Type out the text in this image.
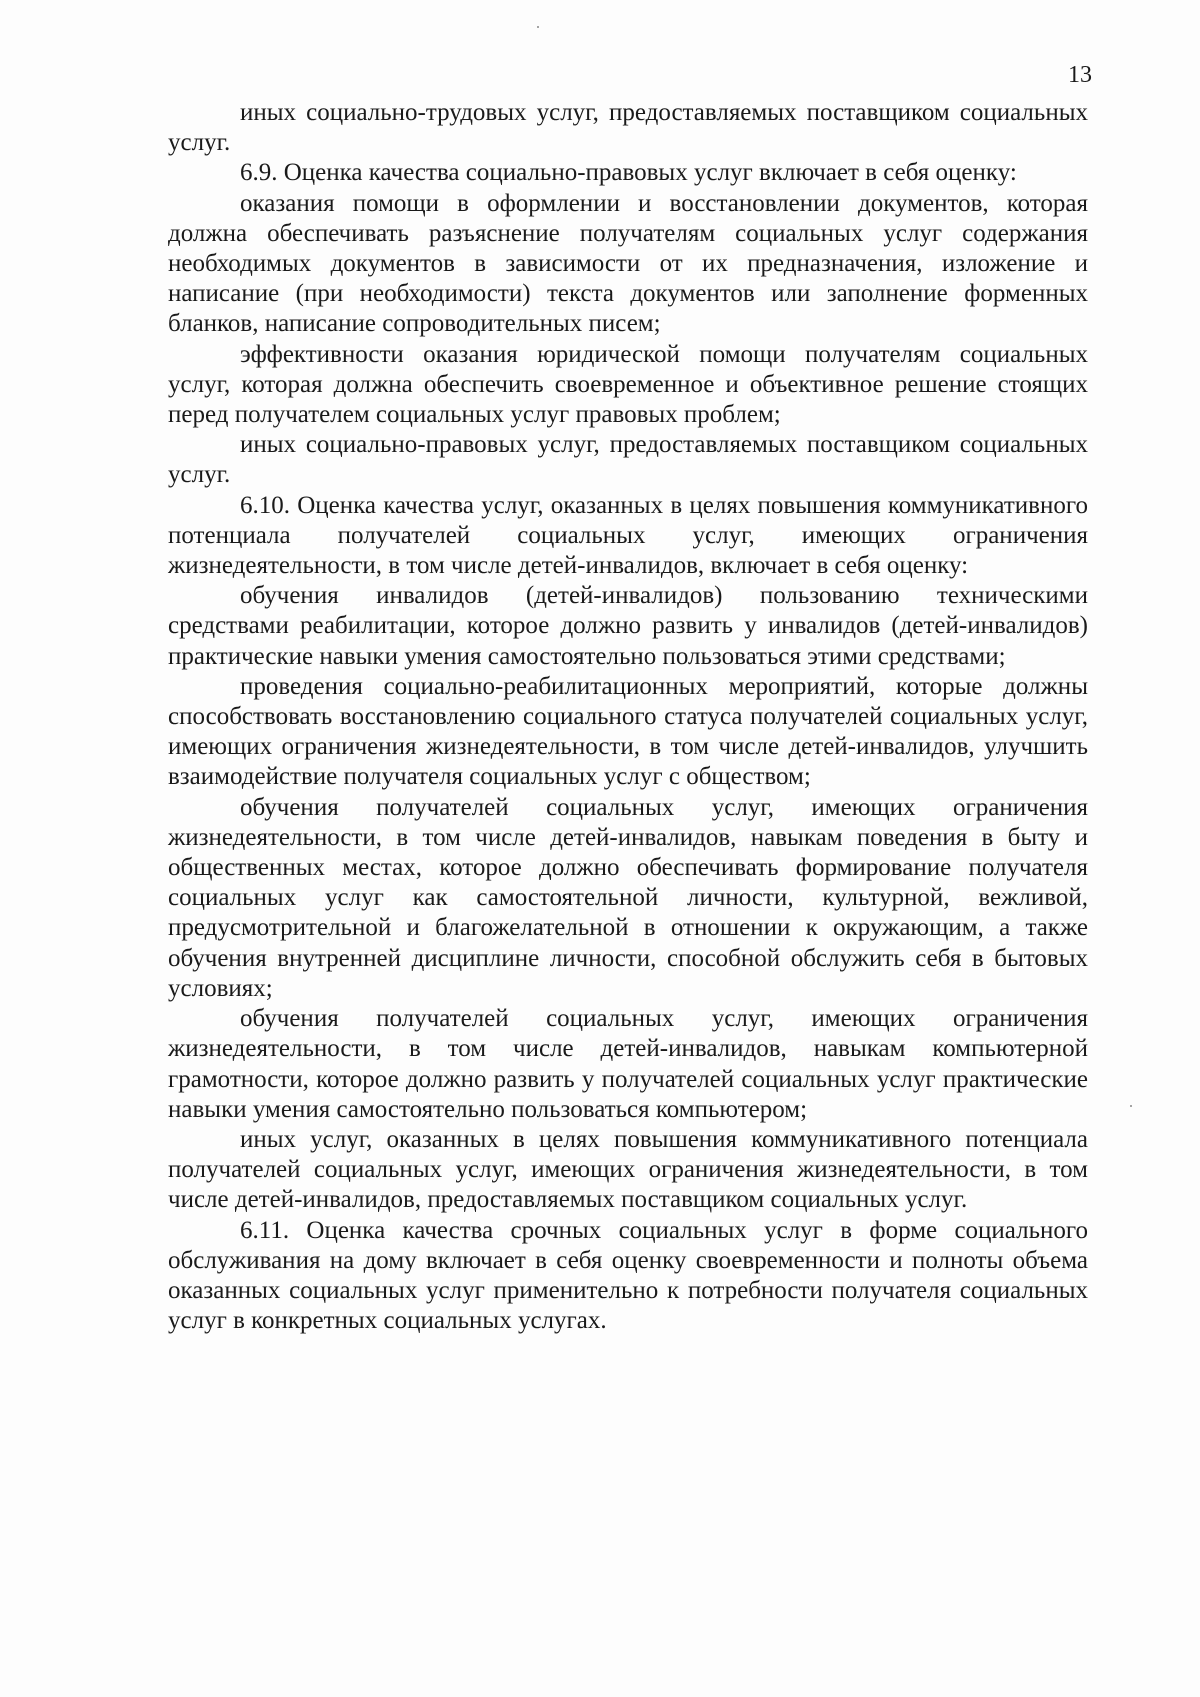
13

иных социально-трудовых услуг, предоставляемых поставщиком социальных услуг.

6.9. Оценка качества социально-правовых услуг включает в себя оценку:

оказания помощи в оформлении и восстановлении документов, которая должна обеспечивать разъяснение получателям социальных услуг содержания необходимых документов в зависимости от их предназначения, изложение и написание (при необходимости) текста документов или заполнение форменных бланков, написание сопроводительных писем;

эффективности оказания юридической помощи получателям социальных услуг, которая должна обеспечить своевременное и объективное решение стоящих перед получателем социальных услуг правовых проблем;

иных социально-правовых услуг, предоставляемых поставщиком социальных услуг.

6.10. Оценка качества услуг, оказанных в целях повышения коммуникативного потенциала получателей социальных услуг, имеющих ограничения жизнедеятельности, в том числе детей-инвалидов, включает в себя оценку:

обучения инвалидов (детей-инвалидов) пользованию техническими средствами реабилитации, которое должно развить у инвалидов (детей-инвалидов) практические навыки умения самостоятельно пользоваться этими средствами;

проведения социально-реабилитационных мероприятий, которые должны способствовать восстановлению социального статуса получателей социальных услуг, имеющих ограничения жизнедеятельности, в том числе детей-инвалидов, улучшить взаимодействие получателя социальных услуг с обществом;

обучения получателей социальных услуг, имеющих ограничения жизнедеятельности, в том числе детей-инвалидов, навыкам поведения в быту и общественных местах, которое должно обеспечивать формирование получателя социальных услуг как самостоятельной личности, культурной, вежливой, предусмотрительной и благожелательной в отношении к окружающим, а также обучения внутренней дисциплине личности, способной обслужить себя в бытовых условиях;

обучения получателей социальных услуг, имеющих ограничения жизнедеятельности, в том числе детей-инвалидов, навыкам компьютерной грамотности, которое должно развить у получателей социальных услуг практические навыки умения самостоятельно пользоваться компьютером;

иных услуг, оказанных в целях повышения коммуникативного потенциала получателей социальных услуг, имеющих ограничения жизнедеятельности, в том числе детей-инвалидов, предоставляемых поставщиком социальных услуг.

6.11. Оценка качества срочных социальных услуг в форме социального обслуживания на дому включает в себя оценку своевременности и полноты объема оказанных социальных услуг применительно к потребности получателя социальных услуг в конкретных социальных услугах.
